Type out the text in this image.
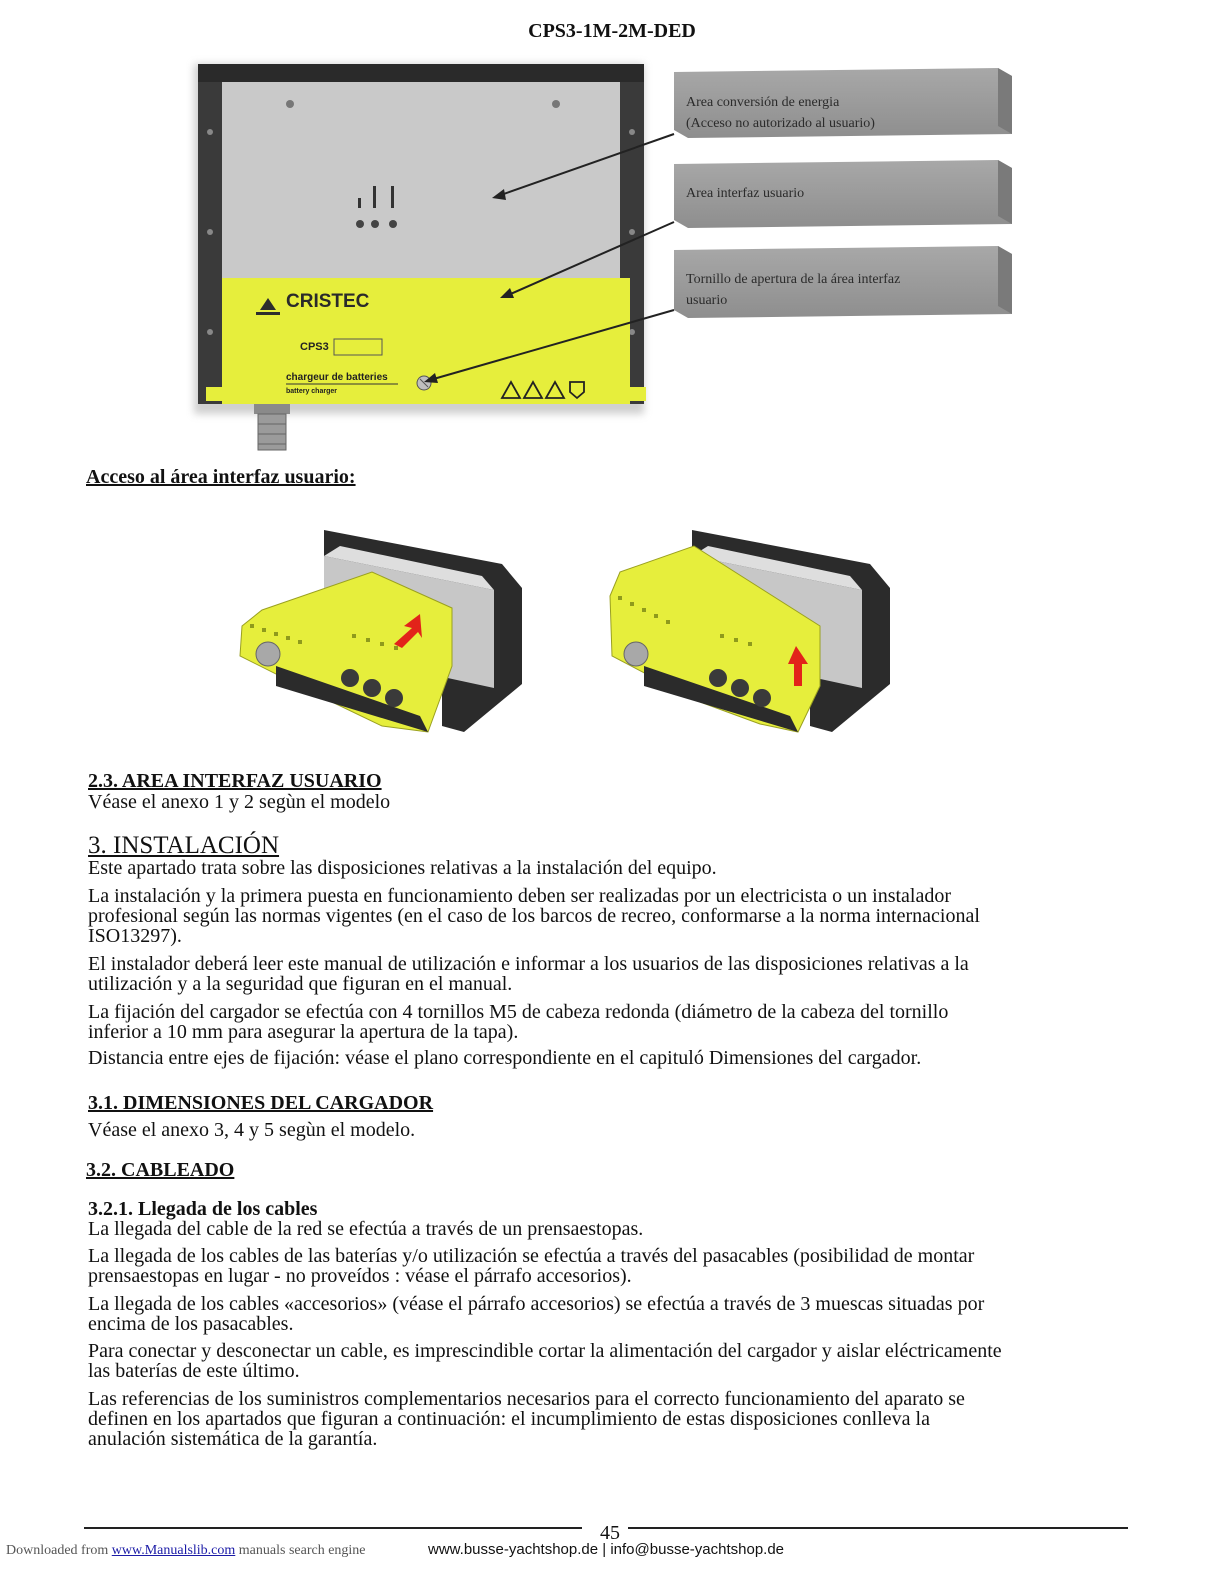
CPS3-1M-2M-DED
CRISTEC
CPS3
chargeur de batteries
battery charger
Area conversión de energia
(Acceso no autorizado al usuario)
Area interfaz usuario
Tornillo de apertura de la área interfaz
usuario
Acceso al área interfaz usuario:
2.3. AREA INTERFAZ USUARIO
Véase el anexo 1 y 2 segùn el modelo
3. INSTALACIÓN
Este apartado trata sobre las disposiciones relativas a la instalación del equipo.
La instalación y la primera puesta en funcionamiento deben ser realizadas por un electricista o un instalador
profesional según las normas vigentes (en el caso de los barcos de recreo, conformarse a la norma internacional
ISO13297).
El instalador deberá leer este manual de utilización e informar a los usuarios de las disposiciones relativas a la
utilización y a la seguridad que figuran en el manual.
La fijación del cargador se efectúa con 4 tornillos M5 de cabeza redonda (diámetro de la cabeza del tornillo
inferior a 10 mm para asegurar la apertura de la tapa).
Distancia entre ejes de fijación: véase el plano correspondiente en el capituló Dimensiones del cargador.
3.1. DIMENSIONES DEL CARGADOR
Véase el anexo 3, 4 y 5 segùn el modelo.
3.2. CABLEADO
3.2.1. Llegada de los cables
La llegada del cable de la red se efectúa a través de un prensaestopas.
La llegada de los cables de las baterías y/o utilización se efectúa a través del pasacables (posibilidad de montar
prensaestopas en lugar - no proveídos : véase el párrafo accesorios).
La llegada de los cables «accesorios» (véase el párrafo accesorios) se efectúa a través de 3 muescas situadas por
encima de los pasacables.
Para conectar y desconectar un cable, es imprescindible cortar la alimentación del cargador y aislar eléctricamente
las baterías de este último.
Las referencias de los suministros complementarios necesarios para el correcto funcionamiento del aparato se
definen en los apartados que figuran a continuación: el incumplimiento de estas disposiciones conlleva la
anulación sistemática de la garantía.
45
Downloaded from www.Manualslib.com manuals search engine	www.busse-yachtshop.de | info@busse-yachtshop.de
